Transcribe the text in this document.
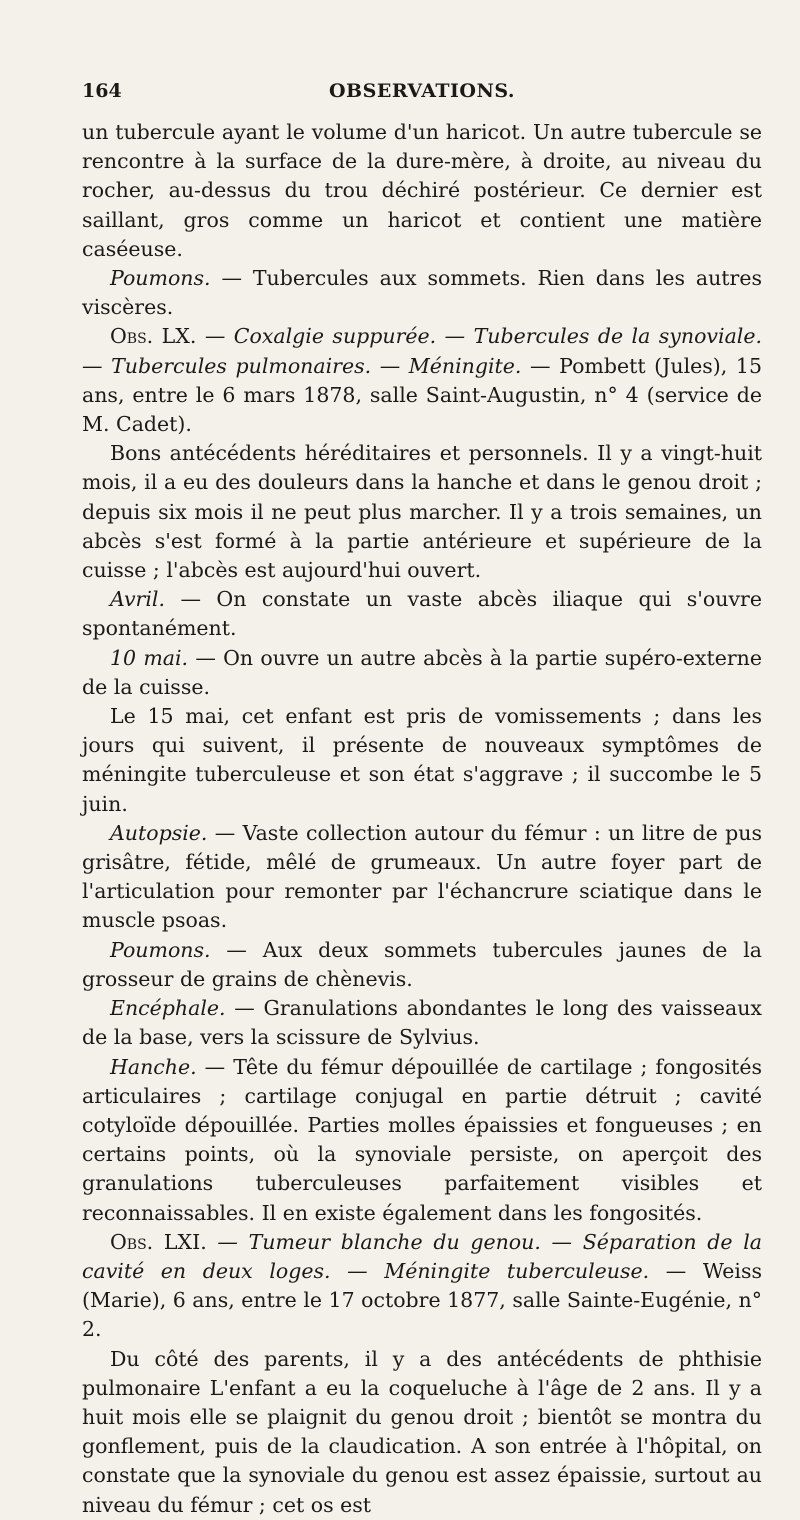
164	OBSERVATIONS.

un tubercule ayant le volume d'un haricot. Un autre tubercule se rencontre à la surface de la dure-mère, à droite, au niveau du rocher, au-dessus du trou déchiré postérieur. Ce dernier est saillant, gros comme un haricot et contient une matière caséeuse.

Poumons. — Tubercules aux sommets. Rien dans les autres viscères.

Obs. LX. — Coxalgie suppurée. — Tubercules de la synoviale. — Tubercules pulmonaires. — Méningite. — Pombett (Jules), 15 ans, entre le 6 mars 1878, salle Saint-Augustin, n° 4 (service de M. Cadet).

Bons antécédents héréditaires et personnels. Il y a vingt-huit mois, il a eu des douleurs dans la hanche et dans le genou droit ; depuis six mois il ne peut plus marcher. Il y a trois semaines, un abcès s'est formé à la partie antérieure et supérieure de la cuisse ; l'abcès est aujourd'hui ouvert.

Avril. — On constate un vaste abcès iliaque qui s'ouvre spontanément.

10 mai. — On ouvre un autre abcès à la partie supéro-externe de la cuisse.

Le 15 mai, cet enfant est pris de vomissements ; dans les jours qui suivent, il présente de nouveaux symptômes de méningite tuberculeuse et son état s'aggrave ; il succombe le 5 juin.

Autopsie. — Vaste collection autour du fémur : un litre de pus grisâtre, fétide, mêlé de grumeaux. Un autre foyer part de l'articulation pour remonter par l'échancrure sciatique dans le muscle psoas.

Poumons. — Aux deux sommets tubercules jaunes de la grosseur de grains de chènevis.

Encéphale. — Granulations abondantes le long des vaisseaux de la base, vers la scissure de Sylvius.

Hanche. — Tête du fémur dépouillée de cartilage ; fongosités articulaires ; cartilage conjugal en partie détruit ; cavité cotyloïde dépouillée. Parties molles épaissies et fongueuses ; en certains points, où la synoviale persiste, on aperçoit des granulations tuberculeuses parfaitement visibles et reconnaissables. Il en existe également dans les fongosités.

Obs. LXI. — Tumeur blanche du genou. — Séparation de la cavité en deux loges. — Méningite tuberculeuse. — Weiss (Marie), 6 ans, entre le 17 octobre 1877, salle Sainte-Eugénie, n° 2.

Du côté des parents, il y a des antécédents de phthisie pulmonaire L'enfant a eu la coqueluche à l'âge de 2 ans. Il y a huit mois elle se plaignit du genou droit ; bientôt se montra du gonflement, puis de la claudication. A son entrée à l'hôpital, on constate que la synoviale du genou est assez épaissie, surtout au niveau du fémur ; cet os est
